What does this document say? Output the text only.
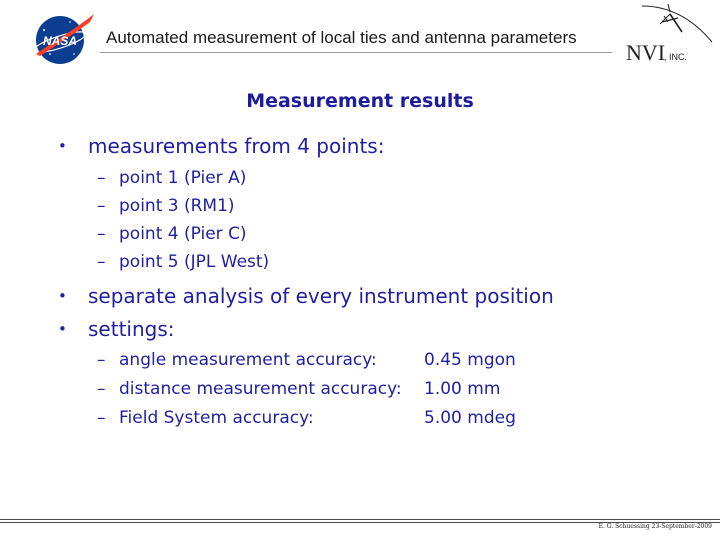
NASA Automated measurement of local ties and antenna parameters
NVI
, INC.
Measurement results
• measurements from 4 points:
– point 1 (Pier A)
– point 3 (RM1)
– point 4 (Pier C)
– point 5 (JPL West)
• separate analysis of every instrument position
• settings:
– angle measurement accuracy:	0.45 mgon
– distance measurement accuracy: 1.00 mm
– Field System accuracy:	5.00 mdeg
E. G. Schuessing 23-September-2009
